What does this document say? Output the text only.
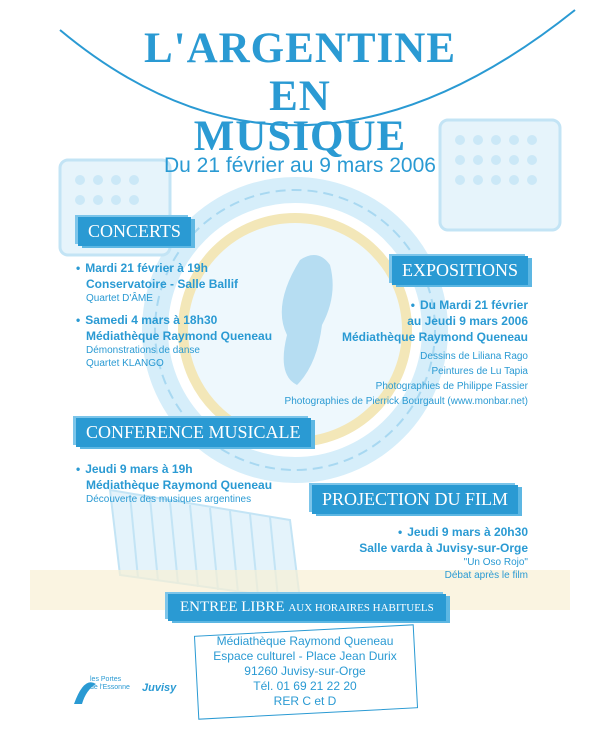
L'ARGENTINE
EN
MUSIQUE
Du 21 février au 9 mars 2006
CONCERTS
• Mardi 21 février à 19h
Conservatoire - Salle Ballif
Quartet D'ÂME
• Samedi 4 mars à 18h30
Médiathèque Raymond Queneau
Démonstrations de danse
Quartet KLANGO
EXPOSITIONS
• Du Mardi 21 février
au Jeudi 9 mars 2006
Médiathèque Raymond Queneau
Dessins de Liliana Rago
Peintures de Lu Tapia
Photographies de Philippe Fassier
Photographies de Pierrick Bourgault (www.monbar.net)
CONFERENCE MUSICALE
• Jeudi 9 mars à 19h
Médiathèque Raymond Queneau
Découverte des musiques argentines	PROJECTION DU FILM
• Jeudi 9 mars à 20h30
Salle varda à Juvisy-sur-Orge
"Un Oso Rojo"
Débat après le film
ENTREE LIBRE AUX HORAIRES HABITUELS
Médiathèque Raymond Queneau
Espace culturel - Place Jean Durix
91260 Juvisy-sur-Orge
Tél. 01 69 21 22 20
RER C et D
les Portes
de l'Essonne Juvisy
